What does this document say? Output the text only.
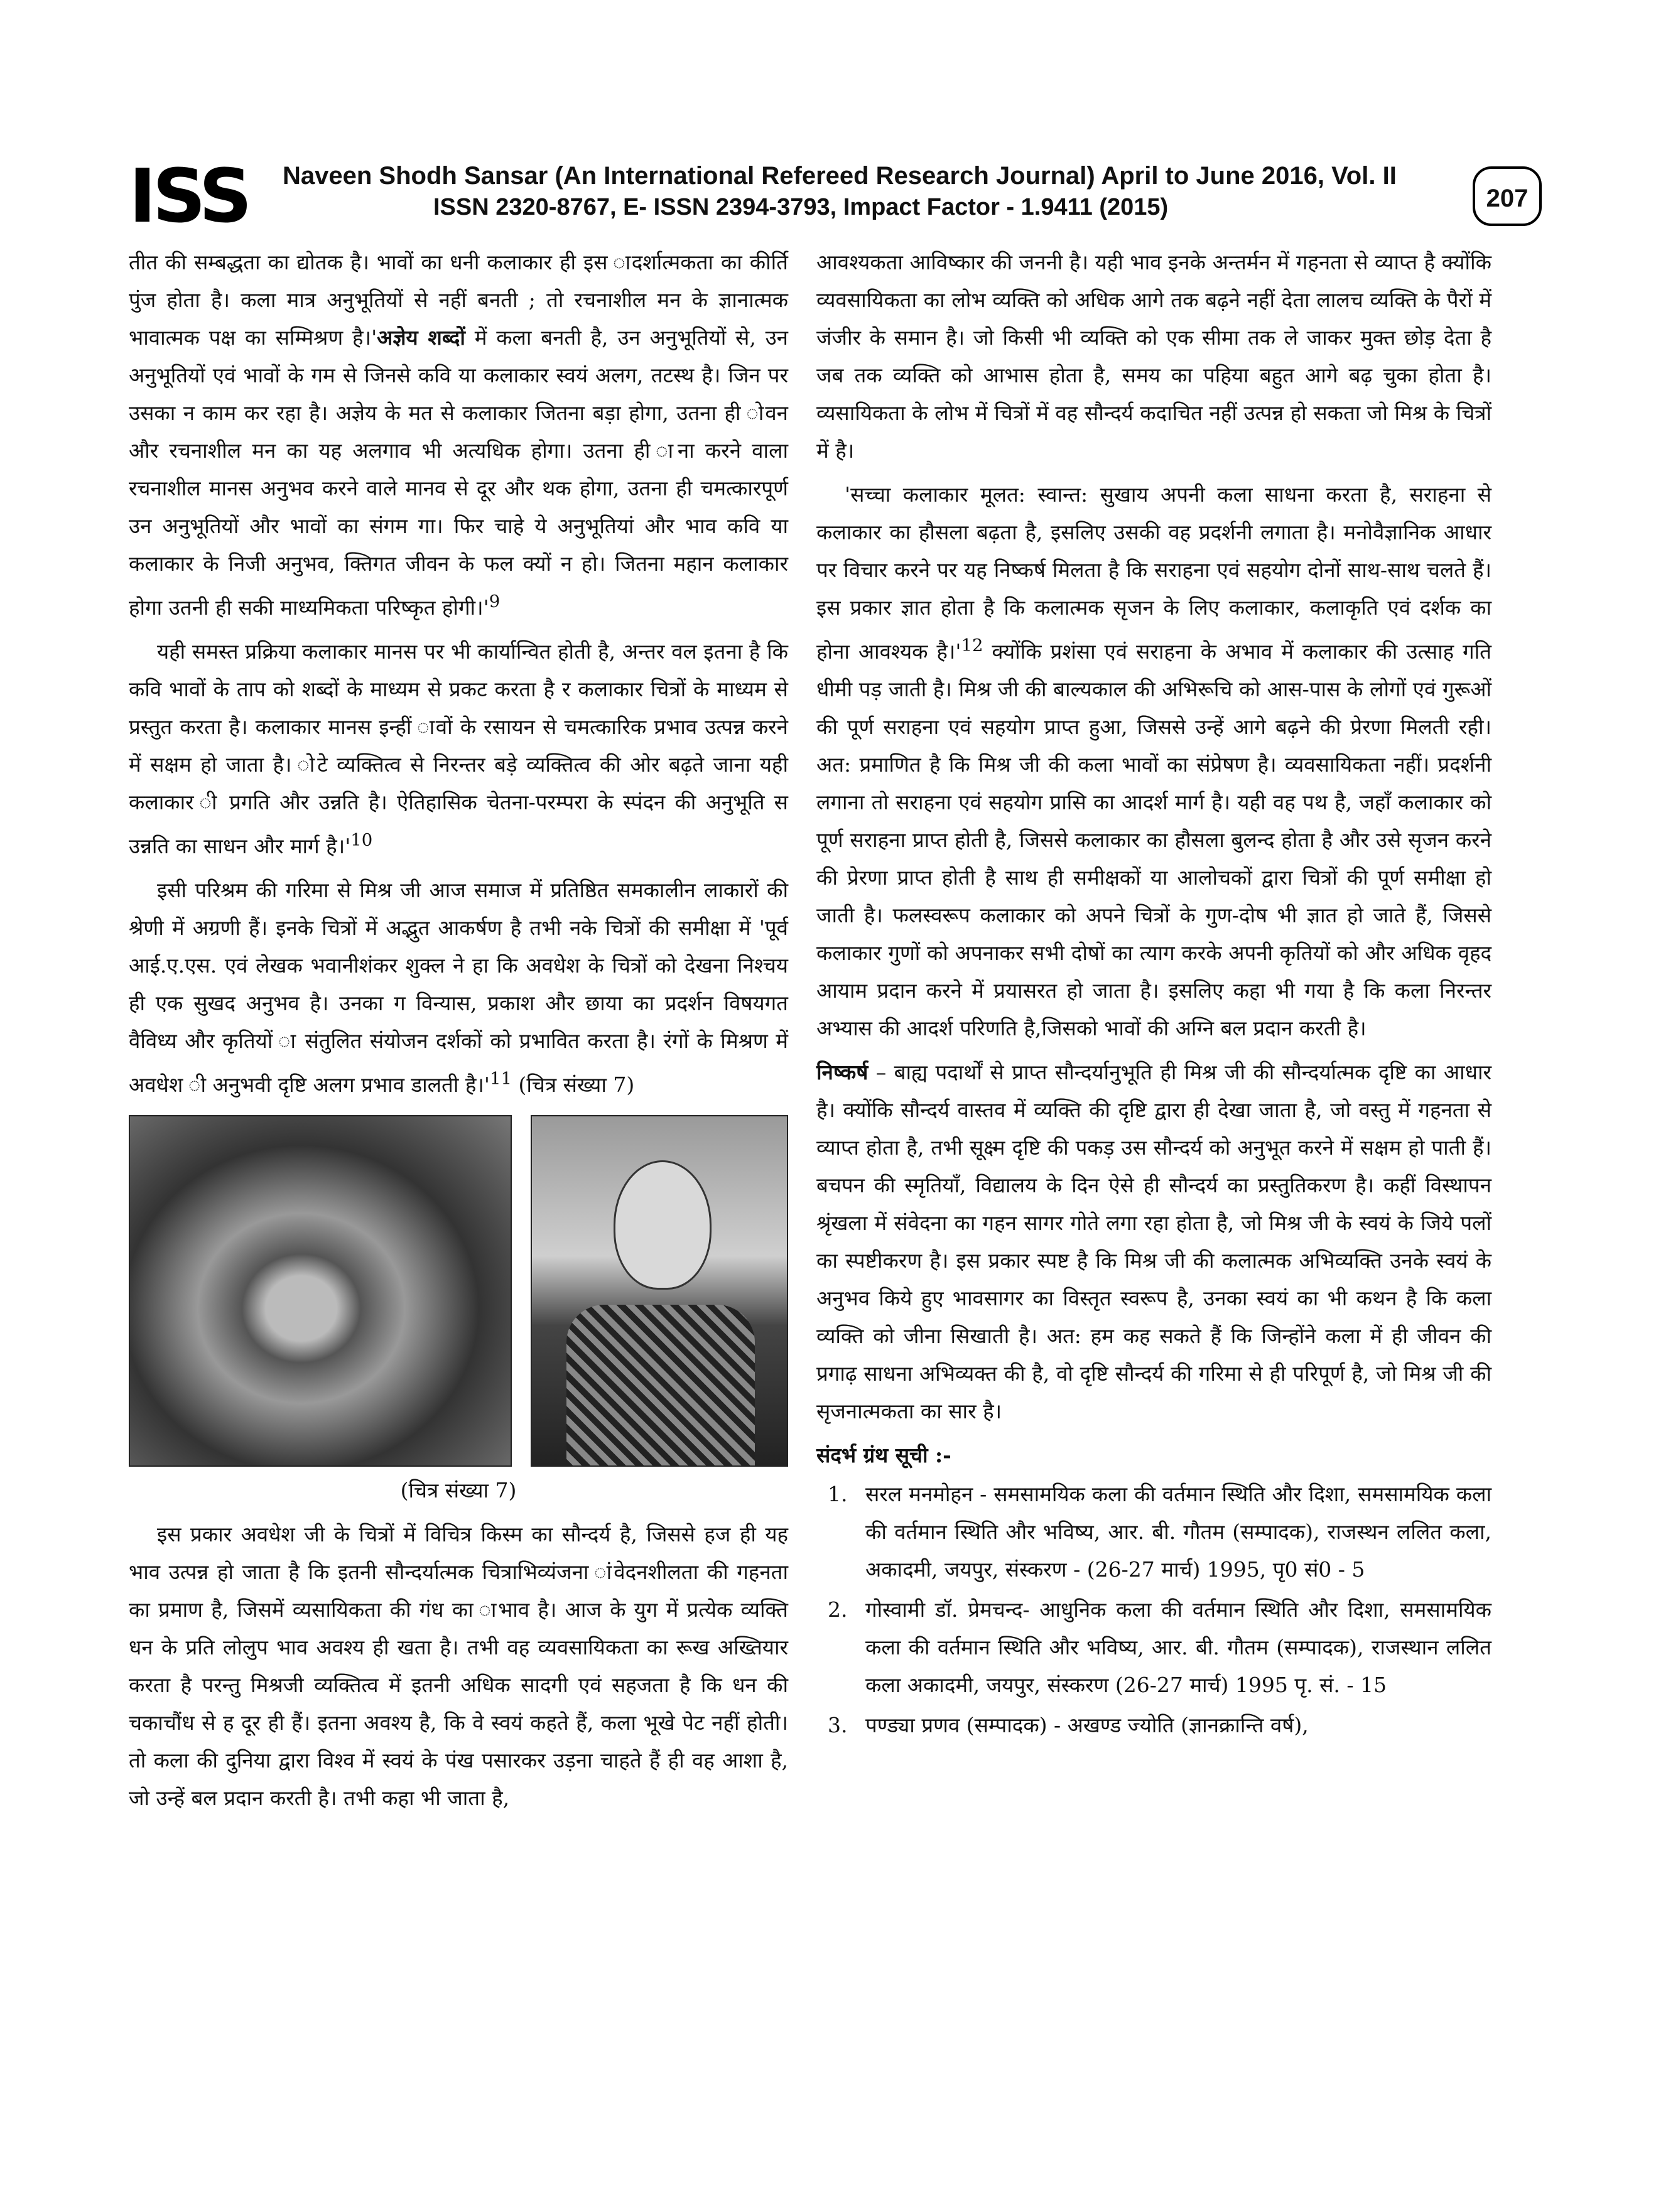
ISS Naveen Shodh Sansar (An International Refereed Research Journal) April to June 2016, Vol. II
ISSN 2320-8767, E- ISSN 2394-3793, Impact Factor - 1.9411 (2015)	207

तीत की सम्बद्धता का द्योतक है। भावों का धनी कलाकार ही इस ादर्शात्मकता का कीर्ति पुंज होता है। कला मात्र अनुभूतियों से नहीं बनती ; तो रचनाशील मन के ज्ञानात्मक भावात्मक पक्ष का सम्मिश्रण है।'अज्ञेय शब्दों में कला बनती है, उन अनुभूतियों से, उन अनुभूतियों एवं भावों के गम से जिनसे कवि या कलाकार स्वयं अलग, तटस्थ है। जिन पर उसका न काम कर रहा है। अज्ञेय के मत से कलाकार जितना बड़ा होगा, उतना ही ोवन और रचनाशील मन का यह अलगाव भी अत्यधिक होगा। उतना ही ाना करने वाला रचनाशील मानस अनुभव करने वाले मानव से दूर और थक होगा, उतना ही चमत्कारपूर्ण उन अनुभूतियों और भावों का संगम गा। फिर चाहे ये अनुभूतियां और भाव कवि या कलाकार के निजी अनुभव, क्तिगत जीवन के फल क्यों न हो। जितना महान कलाकार होगा उतनी ही सकी माध्यमिकता परिष्कृत $होगी।'^9$

यही समस्त प्रक्रिया कलाकार मानस पर भी कार्यान्वित होती है, अन्तर वल इतना है कि कवि भावों के ताप को शब्दों के माध्यम से प्रकट करता है र कलाकार चित्रों के माध्यम से प्रस्तुत करता है। कलाकार मानस इन्हीं ावों के रसायन से चमत्कारिक प्रभाव उत्पन्न करने में सक्षम हो जाता है। ोटे व्यक्तित्व से निरन्तर बड़े व्यक्तित्व की ओर बढ़ते जाना यही कलाकार ी प्रगति और उन्नति है। ऐतिहासिक चेतना-परम्परा के स्पंदन की अनुभूति स उन्नति का साधन और मार्ग $है।'^{10}$

इसी परिश्रम की गरिमा से मिश्र जी आज समाज में प्रतिष्ठित समकालीन लाकारों की श्रेणी में अग्रणी हैं। इनके चित्रों में अद्भुत आकर्षण है तभी नके चित्रों की समीक्षा में 'पूर्व आई.ए.एस. एवं लेखक भवानीशंकर शुक्ल ने हा कि अवधेश के चित्रों को देखना निश्चय ही एक सुखद अनुभव है। उनका ग विन्यास, प्रकाश और छाया का प्रदर्शन विषयगत वैविध्य और कृतियों ा संतुलित संयोजन दर्शकों को प्रभावित करता है। रंगों के मिश्रण में अवधेश ी अनुभवी दृष्टि अलग प्रभाव डालती $है।'^{11}$ (चित्र संख्या 7)

(चित्र संख्या 7)

इस प्रकार अवधेश जी के चित्रों में विचित्र किस्म का सौन्दर्य है, जिससे हज ही यह भाव उत्पन्न हो जाता है कि इतनी सौन्दर्यात्मक चित्राभिव्यंजना ांवेदनशीलता की गहनता का प्रमाण है, जिसमें व्यसायिकता की गंध का ाभाव है। आज के युग में प्रत्येक व्यक्ति धन के प्रति लोलुप भाव अवश्य ही खता है। तभी वह व्यवसायिकता का रूख अख्तियार करता है परन्तु मिश्रजी व्यक्तित्व में इतनी अधिक सादगी एवं सहजता है कि धन की चकाचौंध से ह दूर ही हैं। इतना अवश्य है, कि वे स्वयं कहते हैं, कला भूखे पेट नहीं होती। तो कला की दुनिया द्वारा विश्व में स्वयं के पंख पसारकर उड़ना चाहते हैं ही वह आशा है, जो उन्हें बल प्रदान करती है। तभी कहा भी जाता है,

आवश्यकता आविष्कार की जननी है। यही भाव इनके अन्तर्मन में गहनता से व्याप्त है क्योंकि व्यवसायिकता का लोभ व्यक्ति को अधिक आगे तक बढ़ने नहीं देता लालच व्यक्ति के पैरों में जंजीर के समान है। जो किसी भी व्यक्ति को एक सीमा तक ले जाकर मुक्त छोड़ देता है जब तक व्यक्ति को आभास होता है, समय का पहिया बहुत आगे बढ़ चुका होता है। व्यसायिकता के लोभ में चित्रों में वह सौन्दर्य कदाचित नहीं उत्पन्न हो सकता जो मिश्र के चित्रों में है।

'सच्चा कलाकार मूलत: स्वान्त: सुखाय अपनी कला साधना करता है, सराहना से कलाकार का हौसला बढ़ता है, इसलिए उसकी वह प्रदर्शनी लगाता है। मनोवैज्ञानिक आधार पर विचार करने पर यह निष्कर्ष मिलता है कि सराहना एवं सहयोग दोनों साथ-साथ चलते हैं। इस प्रकार ज्ञात होता है कि कलात्मक सृजन के लिए कलाकार, कलाकृति एवं दर्शक का होना आवश्यक $है।'^{12}$ क्योंकि प्रशंसा एवं सराहना के अभाव में कलाकार की उत्साह गति धीमी पड़ जाती है। मिश्र जी की बाल्यकाल की अभिरूचि को आस-पास के लोगों एवं गुरूओं की पूर्ण सराहना एवं सहयोग प्राप्त हुआ, जिससे उन्हें आगे बढ़ने की प्रेरणा मिलती रही। अत: प्रमाणित है कि मिश्र जी की कला भावों का संप्रेषण है। व्यवसायिकता नहीं। प्रदर्शनी लगाना तो सराहना एवं सहयोग प्रासि का आदर्श मार्ग है। यही वह पथ है, जहाँ कलाकार को पूर्ण सराहना प्राप्त होती है, जिससे कलाकार का हौसला बुलन्द होता है और उसे सृजन करने की प्रेरणा प्राप्त होती है साथ ही समीक्षकों या आलोचकों द्वारा चित्रों की पूर्ण समीक्षा हो जाती है। फलस्वरूप कलाकार को अपने चित्रों के गुण-दोष भी ज्ञात हो जाते हैं, जिससे कलाकार गुणों को अपनाकर सभी दोषों का त्याग करके अपनी कृतियों को और अधिक वृहद आयाम प्रदान करने में प्रयासरत हो जाता है। इसलिए कहा भी गया है कि कला निरन्तर अभ्यास की आदर्श परिणति है,जिसको भावों की अग्नि बल प्रदान करती है।

निष्कर्ष – बाह्य पदार्थों से प्राप्त सौन्दर्यानुभूति ही मिश्र जी की सौन्दर्यात्मक दृष्टि का आधार है। क्योंकि सौन्दर्य वास्तव में व्यक्ति की दृष्टि द्वारा ही देखा जाता है, जो वस्तु में गहनता से व्याप्त होता है, तभी सूक्ष्म दृष्टि की पकड़ उस सौन्दर्य को अनुभूत करने में सक्षम हो पाती हैं। बचपन की स्मृतियाँ, विद्यालय के दिन ऐसे ही सौन्दर्य का प्रस्तुतिकरण है। कहीं विस्थापन श्रृंखला में संवेदना का गहन सागर गोते लगा रहा होता है, जो मिश्र जी के स्वयं के जिये पलों का स्पष्टीकरण है। इस प्रकार स्पष्ट है कि मिश्र जी की कलात्मक अभिव्यक्ति उनके स्वयं के अनुभव किये हुए भावसागर का विस्तृत स्वरूप है, उनका स्वयं का भी कथन है कि कला व्यक्ति को जीना सिखाती है। अत: हम कह सकते हैं कि जिन्होंने कला में ही जीवन की प्रगाढ़ साधना अभिव्यक्त की है, वो दृष्टि सौन्दर्य की गरिमा से ही परिपूर्ण है, जो मिश्र जी की सृजनात्मकता का सार है।

संदर्भ ग्रंथ सूची :-

1. सरल मनमोहन - समसामयिक कला की वर्तमान स्थिति और दिशा, समसामयिक कला की वर्तमान स्थिति और भविष्य, आर. बी. गौतम (सम्पादक), राजस्थन ललित कला, अकादमी, जयपुर, संस्करण - (26-27 मार्च) 1995, पृ0 सं0 - 5
2. गोस्वामी डॉ. प्रेमचन्द- आधुनिक कला की वर्तमान स्थिति और दिशा, समसामयिक कला की वर्तमान स्थिति और भविष्य, आर. बी. गौतम (सम्पादक), राजस्थान ललित कला अकादमी, जयपुर, संस्करण (26-27 मार्च) 1995 पृ. सं. - 15
3. पण्ड्या प्रणव (सम्पादक) - अखण्ड ज्योति (ज्ञानक्रान्ति वर्ष),
